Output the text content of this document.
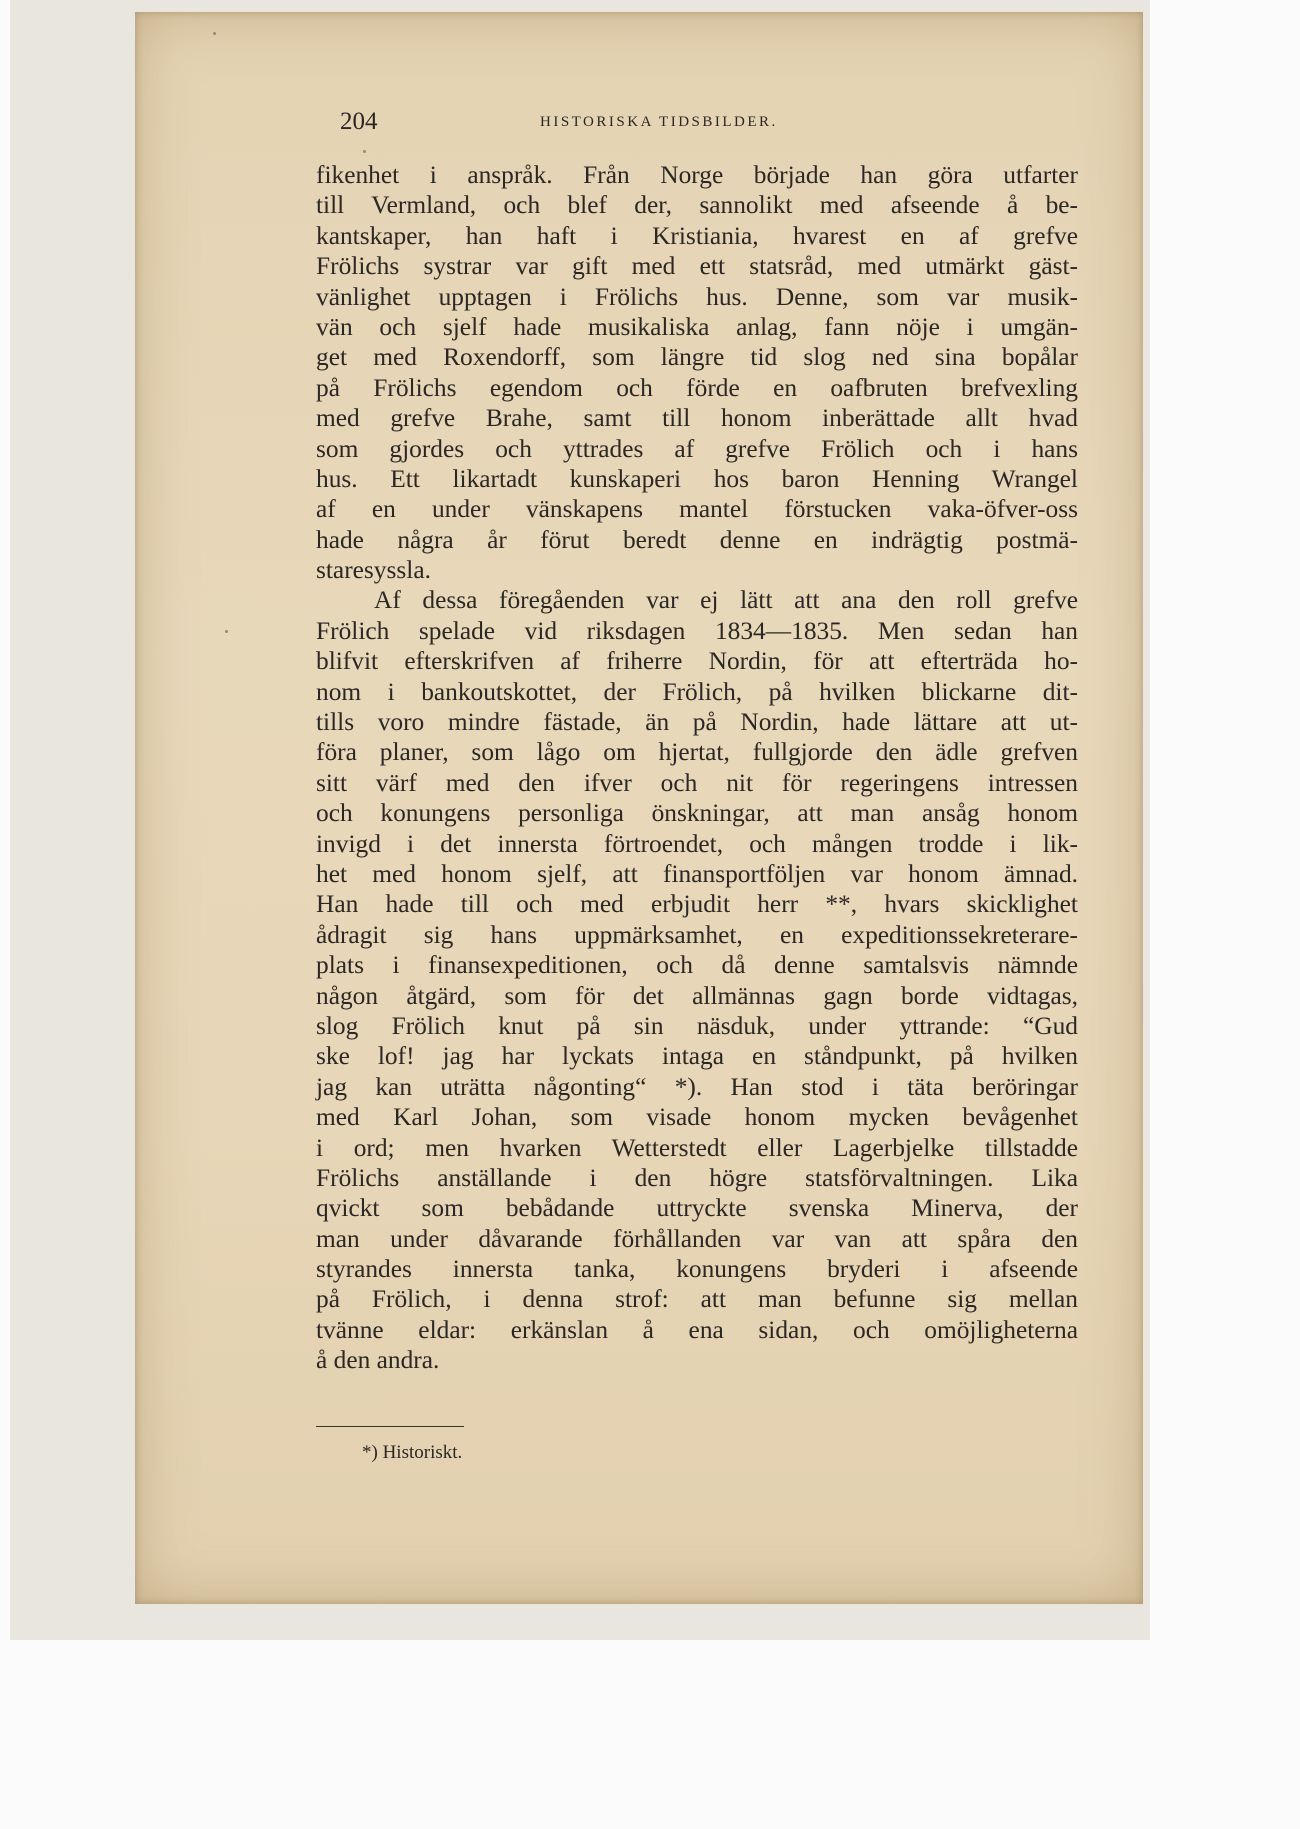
204	HISTORISKA TIDSBILDER.
fikenhet i anspråk. Från Norge började han göra utfarter
till Vermland, och blef der, sannolikt med afseende å be-
kantskaper, han haft i Kristiania, hvarest en af grefve
Frölichs systrar var gift med ett statsråd, med utmärkt gäst-
vänlighet upptagen i Frölichs hus. Denne, som var musik-
vän och sjelf hade musikaliska anlag, fann nöje i umgän-
get med Roxendorff, som längre tid slog ned sina bopålar
på Frölichs egendom och förde en oafbruten brefvexling
med grefve Brahe, samt till honom inberättade allt hvad
som gjordes och yttrades af grefve Frölich och i hans
hus. Ett likartadt kunskaperi hos baron Henning Wrangel
af en under vänskapens mantel förstucken vaka-öfver-oss
hade några år förut beredt denne en indrägtig postmä-
staresyssla.
Af dessa föregåenden var ej lätt att ana den roll grefve
Frölich spelade vid riksdagen 1834—1835. Men sedan han
blifvit efterskrifven af friherre Nordin, för att efterträda ho-
nom i bankoutskottet, der Frölich, på hvilken blickarne dit-
tills voro mindre fästade, än på Nordin, hade lättare att ut-
föra planer, som lågo om hjertat, fullgjorde den ädle grefven
sitt värf med den ifver och nit för regeringens intressen
och konungens personliga önskningar, att man ansåg honom
invigd i det innersta förtroendet, och mången trodde i lik-
het med honom sjelf, att finansportföljen var honom ämnad.
Han hade till och med erbjudit herr **, hvars skicklighet
ådragit sig hans uppmärksamhet, en expeditionssekreterare-
plats i finansexpeditionen, och då denne samtalsvis nämnde
någon åtgärd, som för det allmännas gagn borde vidtagas,
slog Frölich knut på sin näsduk, under yttrande: “Gud
ske lof! jag har lyckats intaga en ståndpunkt, på hvilken
jag kan uträtta någonting“ *). Han stod i täta beröringar
med Karl Johan, som visade honom mycken bevågenhet
i ord; men hvarken Wetterstedt eller Lagerbjelke tillstadde
Frölichs anställande i den högre statsförvaltningen. Lika
qvickt som bebådande uttryckte svenska Minerva, der
man under dåvarande förhållanden var van att spåra den
styrandes innersta tanka, konungens bryderi i afseende
på Frölich, i denna strof: att man befunne sig mellan
tvänne eldar: erkänslan å ena sidan, och omöjligheterna
å den andra.
*) Historiskt.
